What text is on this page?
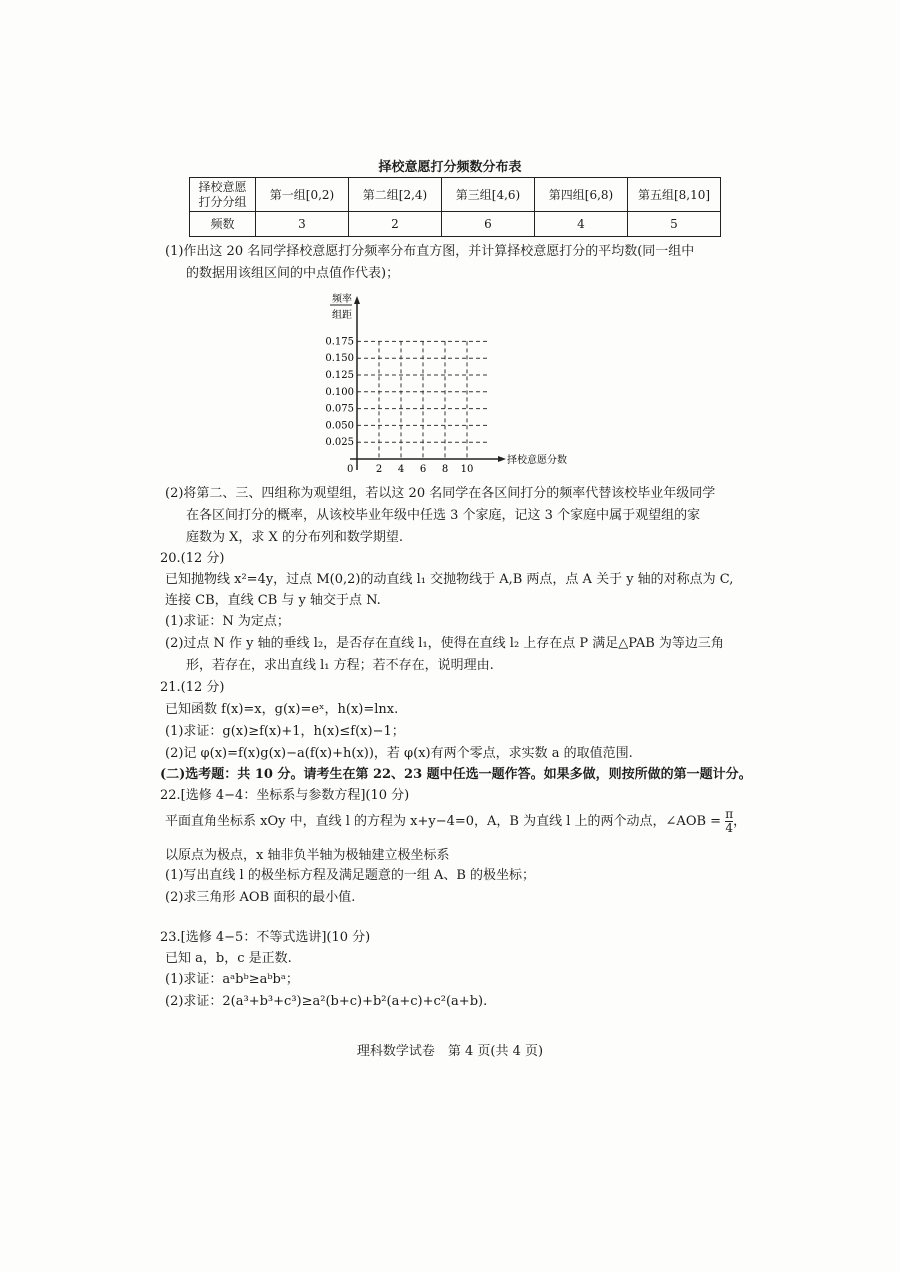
择校意愿打分频数分布表
择校意愿打分分组	第一组[0,2)	第二组[2,4)	第三组[4,6)	第四组[6,8)	第五组[8,10]
频数	3	2	6	4	5
(1)作出这 20 名同学择校意愿打分频率分布直方图，并计算择校意愿打分的平均数(同一组中
的数据用该组区间的中点值作代表)；
频率
组距
0.025
0.050
0.075
0.100
0.125
0.150
0.175
2 4 6 8 10
择校意愿分数
0
(2)将第二、三、四组称为观望组，若以这 20 名同学在各区间打分的频率代替该校毕业年级同学
在各区间打分的概率，从该校毕业年级中任选 3 个家庭，记这 3 个家庭中属于观望组的家
庭数为 X，求 X 的分布列和数学期望.
20.(12 分)
已知抛物线 x²=4y，过点 M(0,2)的动直线 l₁ 交抛物线于 A,B 两点，点 A 关于 y 轴的对称点为 C,
连接 CB，直线 CB 与 y 轴交于点 N.
(1)求证：N 为定点；
(2)过点 N 作 y 轴的垂线 l₂，是否存在直线 l₁，使得在直线 l₂ 上存在点 P 满足△PAB 为等边三角
形，若存在，求出直线 l₁ 方程；若不存在，说明理由.
21.(12 分)
已知函数 f(x)=x，g(x)=eˣ，h(x)=lnx.
(1)求证：g(x)≥f(x)+1，h(x)≤f(x)−1；
(2)记 φ(x)=f(x)g(x)−a(f(x)+h(x))，若 φ(x)有两个零点，求实数 a 的取值范围.
(二)选考题：共 10 分。请考生在第 22、23 题中任选一题作答。如果多做，则按所做的第一题计分。
22.[选修 4−4：坐标系与参数方程](10 分)
平面直角坐标系 xOy 中，直线 l 的方程为 x+y−4=0，A，B 为直线 l 上的两个动点，∠AOB = $\frac{\pi}{4}$ ，
以原点为极点，x 轴非负半轴为极轴建立极坐标系
(1)写出直线 l 的极坐标方程及满足题意的一组 A、B 的极坐标；
(2)求三角形 AOB 面积的最小值.
23.[选修 4−5：不等式选讲](10 分)
已知 a，b，c 是正数.
(1)求证：aᵃbᵇ≥aᵇbᵃ；
(2)求证：2(a³+b³+c³)≥a²(b+c)+b²(a+c)+c²(a+b).
理科数学试卷　第 4 页(共 4 页)
